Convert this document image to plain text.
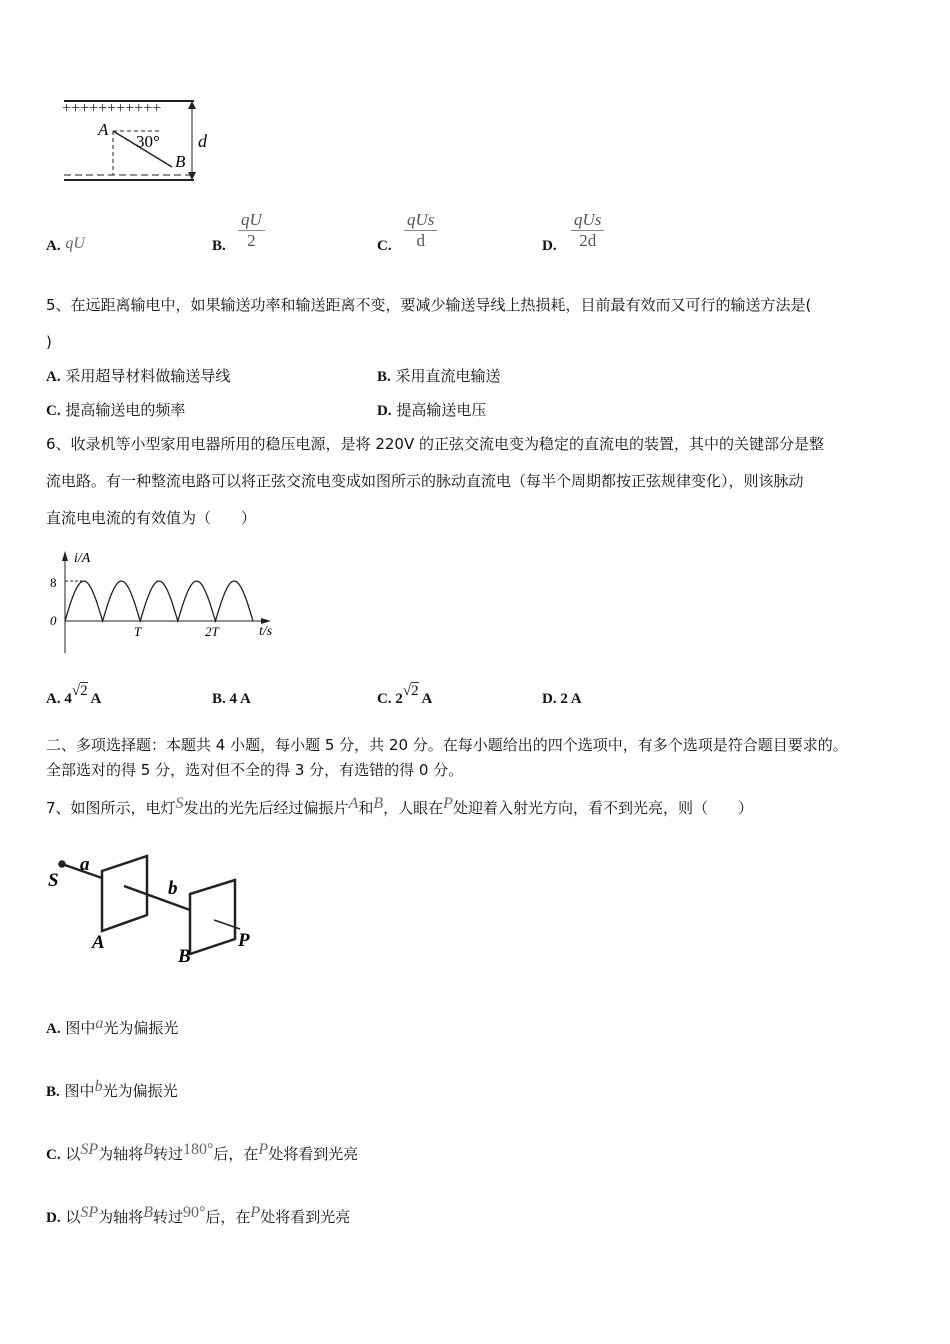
+++++++++++
A
30°
B
d
A. qU	B. $\frac{qU}{2}$	C.
qUs
d	D.
qUs
2d
5、在远距离输电中，如果输送功率和输送距离不变，要减少输送导线上热损耗，目前最有效而又可行的输送方法是(
)
A. 采用超导材料做输送导线	B. 采用直流电输送
C. 提高输送电的频率	D. 提高输送电压
6、收录机等小型家用电器所用的稳压电源，是将 220V 的正弦交流电变为稳定的直流电的装置，其中的关键部分是整
流电路。有一种整流电路可以将正弦交流电变成如图所示的脉动直流电（每半个周期都按正弦规律变化），则该脉动
直流电电流的有效值为（　　）
i/A
8
0
T	2T	t/s
A. 4√2 A	B. 4 A	C. 2√2 A	D. 2 A
二、多项选择题：本题共 4 小题，每小题 5 分，共 20 分。在每小题给出的四个选项中，有多个选项是符合题目要求的。
全部选对的得 5 分，选对但不全的得 3 分，有选错的得 0 分。
7、如图所示，电灯S发出的光先后经过偏振片A和B，人眼在P处迎着入射光方向，看不到光亮，则（　　）
S
a
b
A
B
P
A. 图中a光为偏振光
B. 图中b光为偏振光
C. 以SP为轴将B转过180°后，在P处将看到光亮
D. 以SP为轴将B转过90°后，在P处将看到光亮
